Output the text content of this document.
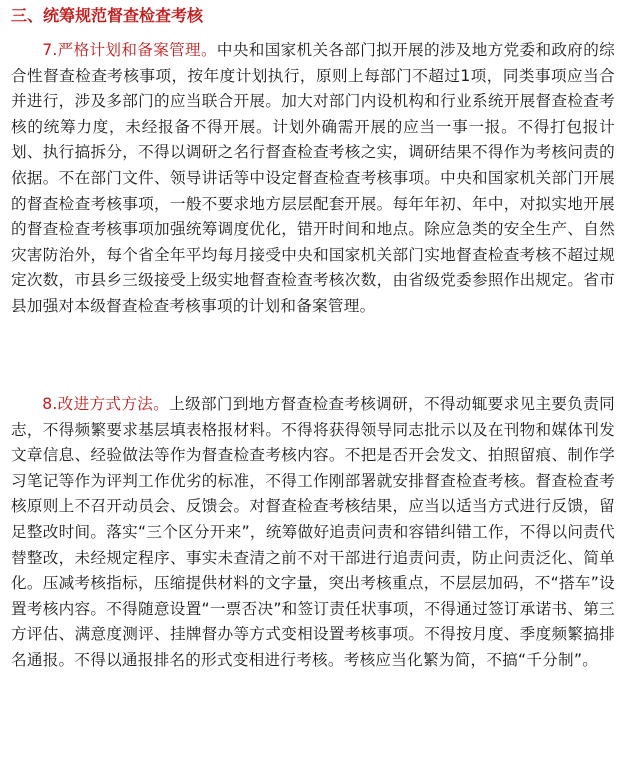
三、统筹规范督查检查考核

7.严格计划和备案管理。中央和国家机关各部门拟开展的涉及地方党委和政府的综合性督查检查考核事项，按年度计划执行，原则上每部门不超过1项，同类事项应当合并进行，涉及多部门的应当联合开展。加大对部门内设机构和行业系统开展督查检查考核的统筹力度，未经报备不得开展。计划外确需开展的应当一事一报。不得打包报计划、执行搞拆分，不得以调研之名行督查检查考核之实，调研结果不得作为考核问责的依据。不在部门文件、领导讲话等中设定督查检查考核事项。中央和国家机关部门开展的督查检查考核事项，一般不要求地方层层配套开展。每年年初、年中，对拟实地开展的督查检查考核事项加强统筹调度优化，错开时间和地点。除应急类的安全生产、自然灾害防治外，每个省全年平均每月接受中央和国家机关部门实地督查检查考核不超过规定次数，市县乡三级接受上级实地督查检查考核次数，由省级党委参照作出规定。省市县加强对本级督查检查考核事项的计划和备案管理。

8.改进方式方法。上级部门到地方督查检查考核调研，不得动辄要求见主要负责同志，不得频繁要求基层填表格报材料。不得将获得领导同志批示以及在刊物和媒体刊发文章信息、经验做法等作为督查检查考核内容。不把是否开会发文、拍照留痕、制作学习笔记等作为评判工作优劣的标准，不得工作刚部署就安排督查检查考核。督查检查考核原则上不召开动员会、反馈会。对督查检查考核结果，应当以适当方式进行反馈，留足整改时间。落实“三个区分开来”，统筹做好追责问责和容错纠错工作，不得以问责代替整改，未经规定程序、事实未查清之前不对干部进行追责问责，防止问责泛化、简单化。压减考核指标，压缩提供材料的文字量，突出考核重点，不层层加码，不“搭车”设置考核内容。不得随意设置“一票否决”和签订责任状事项，不得通过签订承诺书、第三方评估、满意度测评、挂牌督办等方式变相设置考核事项。不得按月度、季度频繁搞排名通报。不得以通报排名的形式变相进行考核。考核应当化繁为简，不搞“千分制”。
